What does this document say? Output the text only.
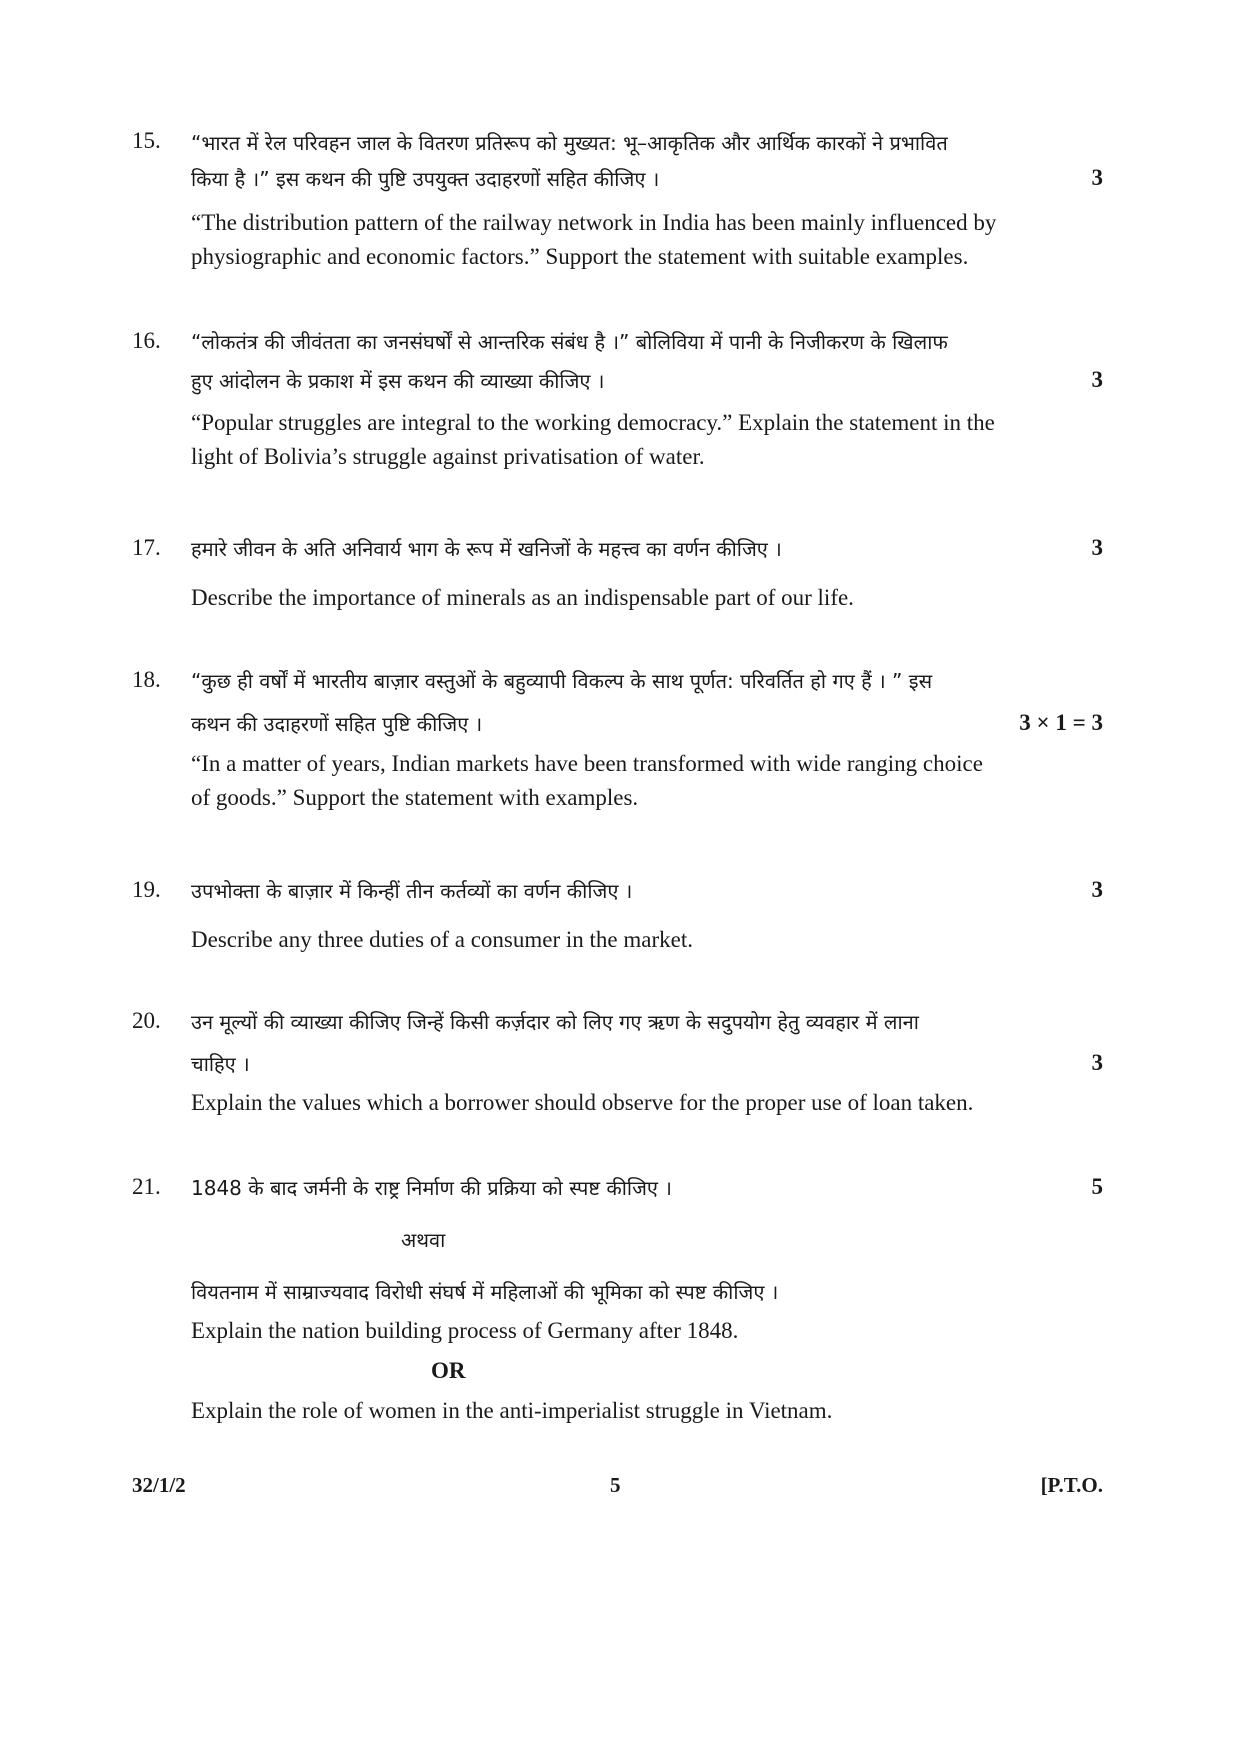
15. “भारत में रेल परिवहन जाल के वितरण प्रतिरूप को मुख्यत: भू–आकृतिक और आर्थिक कारकों ने प्रभावित
किया है ।” इस कथन की पुष्टि उपयुक्त उदाहरणों सहित कीजिए ।	3
“The distribution pattern of the railway network in India has been mainly influenced by
physiographic and economic factors.” Support the statement with suitable examples.
16. “लोकतंत्र की जीवंतता का जनसंघर्षों से आन्तरिक संबंध है ।” बोलिविया में पानी के निजीकरण के खिलाफ
हुए आंदोलन के प्रकाश में इस कथन की व्याख्या कीजिए ।	3
“Popular struggles are integral to the working democracy.” Explain the statement in the
light of Bolivia’s struggle against privatisation of water.
17. हमारे जीवन के अति अनिवार्य भाग के रूप में खनिजों के महत्त्व का वर्णन कीजिए ।	3
Describe the importance of minerals as an indispensable part of our life.
18. “कुछ ही वर्षों में भारतीय बाज़ार वस्तुओं के बहुव्यापी विकल्प के साथ पूर्णत: परिवर्तित हो गए हैं । ” इस
कथन की उदाहरणों सहित पुष्टि कीजिए ।	3 × 1 = 3
“In a matter of years, Indian markets have been transformed with wide ranging choice
of goods.” Support the statement with examples.
19. उपभोक्ता के बाज़ार में किन्हीं तीन कर्तव्यों का वर्णन कीजिए ।	3
Describe any three duties of a consumer in the market.
20. उन मूल्यों की व्याख्या कीजिए जिन्हें किसी कर्ज़दार को लिए गए ऋण के सदुपयोग हेतु व्यवहार में लाना
चाहिए ।	3
Explain the values which a borrower should observe for the proper use of loan taken.
21. 1848 के बाद जर्मनी के राष्ट्र निर्माण की प्रक्रिया को स्पष्ट कीजिए ।	5
अथवा
वियतनाम में साम्राज्यवाद विरोधी संघर्ष में महिलाओं की भूमिका को स्पष्ट कीजिए ।
Explain the nation building process of Germany after 1848.
OR
Explain the role of women in the anti-imperialist struggle in Vietnam.
32/1/2	5	[P.T.O.
